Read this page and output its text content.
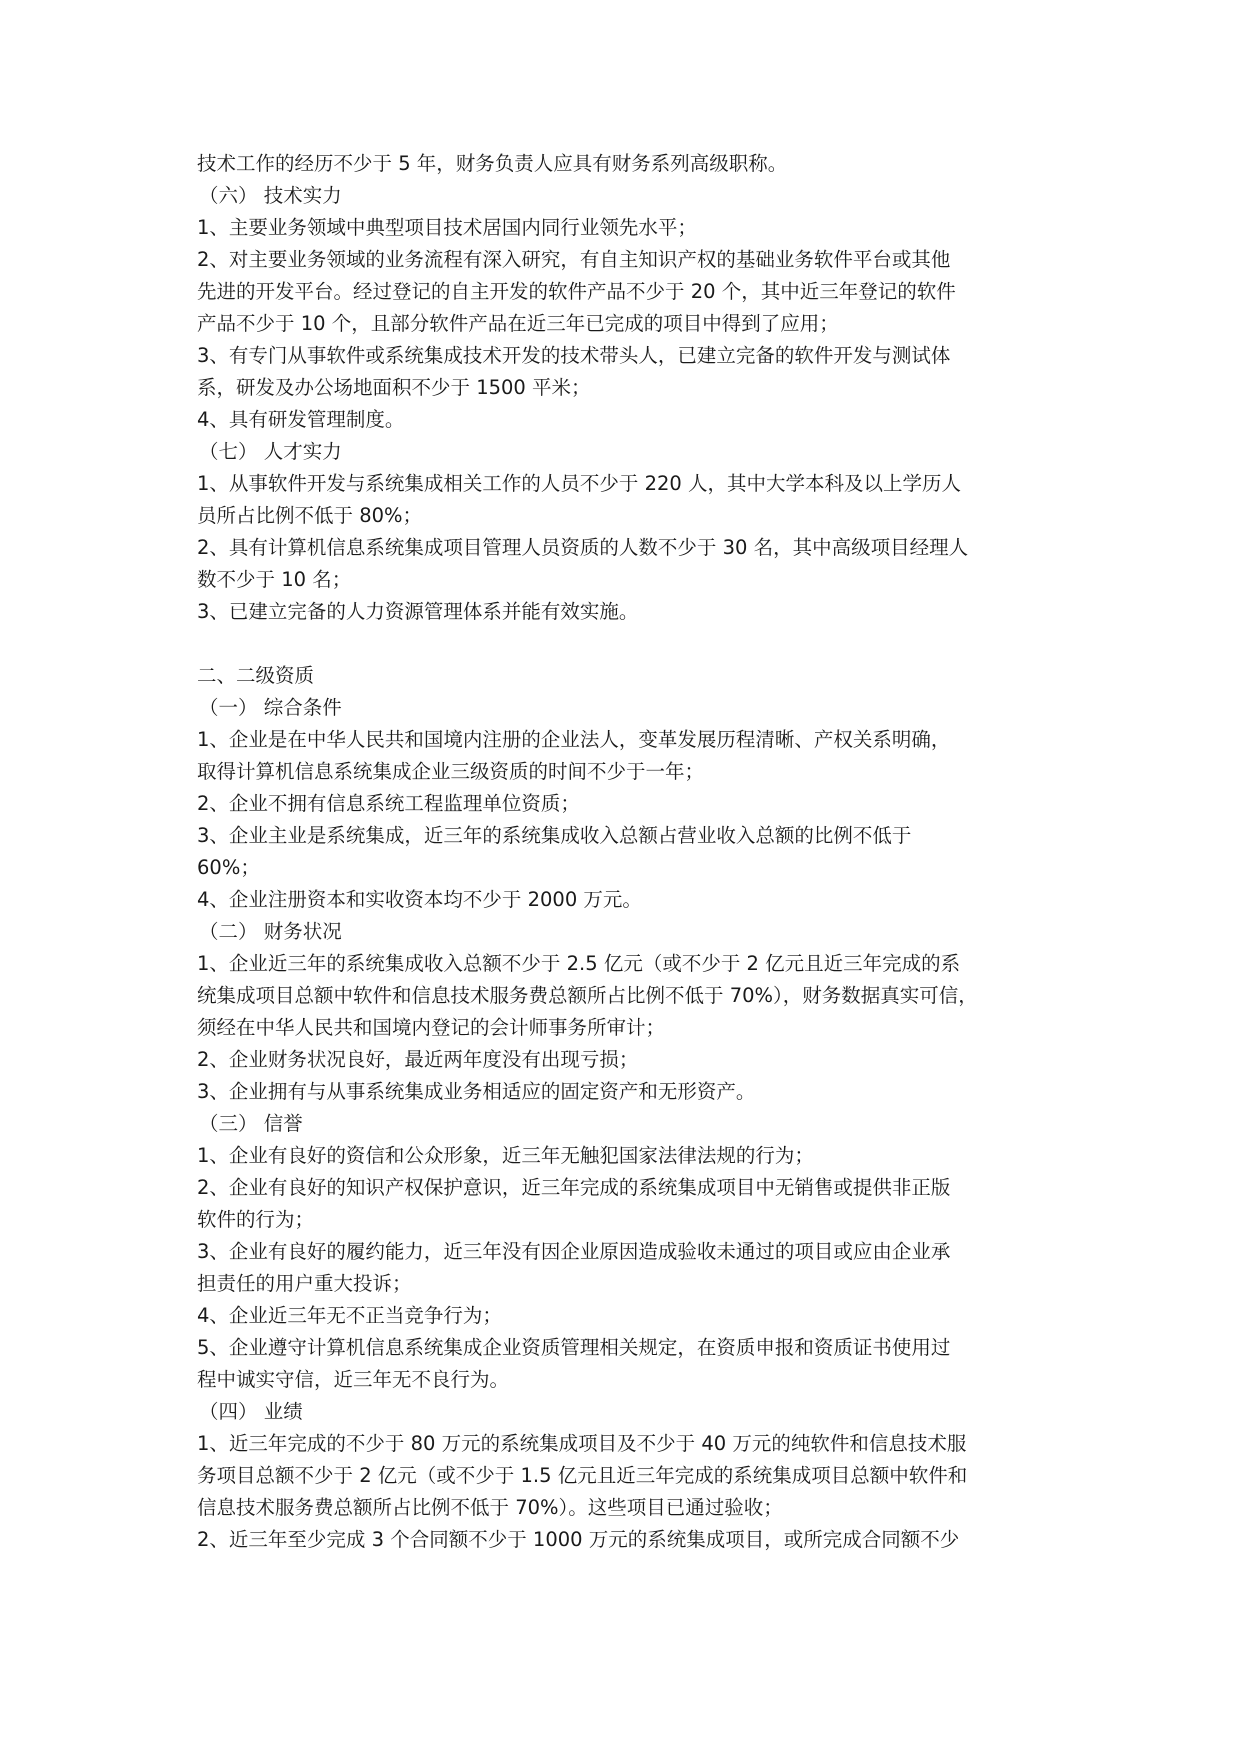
技术工作的经历不少于 5 年，财务负责人应具有财务系列高级职称。

（六） 技术实力

1、主要业务领域中典型项目技术居国内同行业领先水平；

2、对主要业务领域的业务流程有深入研究，有自主知识产权的基础业务软件平台或其他

先进的开发平台。经过登记的自主开发的软件产品不少于 20 个，其中近三年登记的软件

产品不少于 10 个，且部分软件产品在近三年已完成的项目中得到了应用；

3、有专门从事软件或系统集成技术开发的技术带头人，已建立完备的软件开发与测试体

系，研发及办公场地面积不少于 1500 平米；

4、具有研发管理制度。

（七） 人才实力

1、从事软件开发与系统集成相关工作的人员不少于 220 人，其中大学本科及以上学历人

员所占比例不低于 80%；

2、具有计算机信息系统集成项目管理人员资质的人数不少于 30 名，其中高级项目经理人

数不少于 10 名；

3、已建立完备的人力资源管理体系并能有效实施。

二、二级资质

（一） 综合条件

1、企业是在中华人民共和国境内注册的企业法人，变革发展历程清晰、产权关系明确，

取得计算机信息系统集成企业三级资质的时间不少于一年；

2、企业不拥有信息系统工程监理单位资质；

3、企业主业是系统集成，近三年的系统集成收入总额占营业收入总额的比例不低于

60%；

4、企业注册资本和实收资本均不少于 2000 万元。

（二） 财务状况

1、企业近三年的系统集成收入总额不少于 2.5 亿元（或不少于 2 亿元且近三年完成的系

统集成项目总额中软件和信息技术服务费总额所占比例不低于 70%），财务数据真实可信，

须经在中华人民共和国境内登记的会计师事务所审计；

2、企业财务状况良好，最近两年度没有出现亏损；

3、企业拥有与从事系统集成业务相适应的固定资产和无形资产。

（三） 信誉

1、企业有良好的资信和公众形象，近三年无触犯国家法律法规的行为；

2、企业有良好的知识产权保护意识，近三年完成的系统集成项目中无销售或提供非正版

软件的行为；

3、企业有良好的履约能力，近三年没有因企业原因造成验收未通过的项目或应由企业承

担责任的用户重大投诉；

4、企业近三年无不正当竞争行为；

5、企业遵守计算机信息系统集成企业资质管理相关规定，在资质申报和资质证书使用过

程中诚实守信，近三年无不良行为。

（四） 业绩

1、近三年完成的不少于 80 万元的系统集成项目及不少于 40 万元的纯软件和信息技术服

务项目总额不少于 2 亿元（或不少于 1.5 亿元且近三年完成的系统集成项目总额中软件和

信息技术服务费总额所占比例不低于 70%）。这些项目已通过验收；

2、近三年至少完成 3 个合同额不少于 1000 万元的系统集成项目，或所完成合同额不少
